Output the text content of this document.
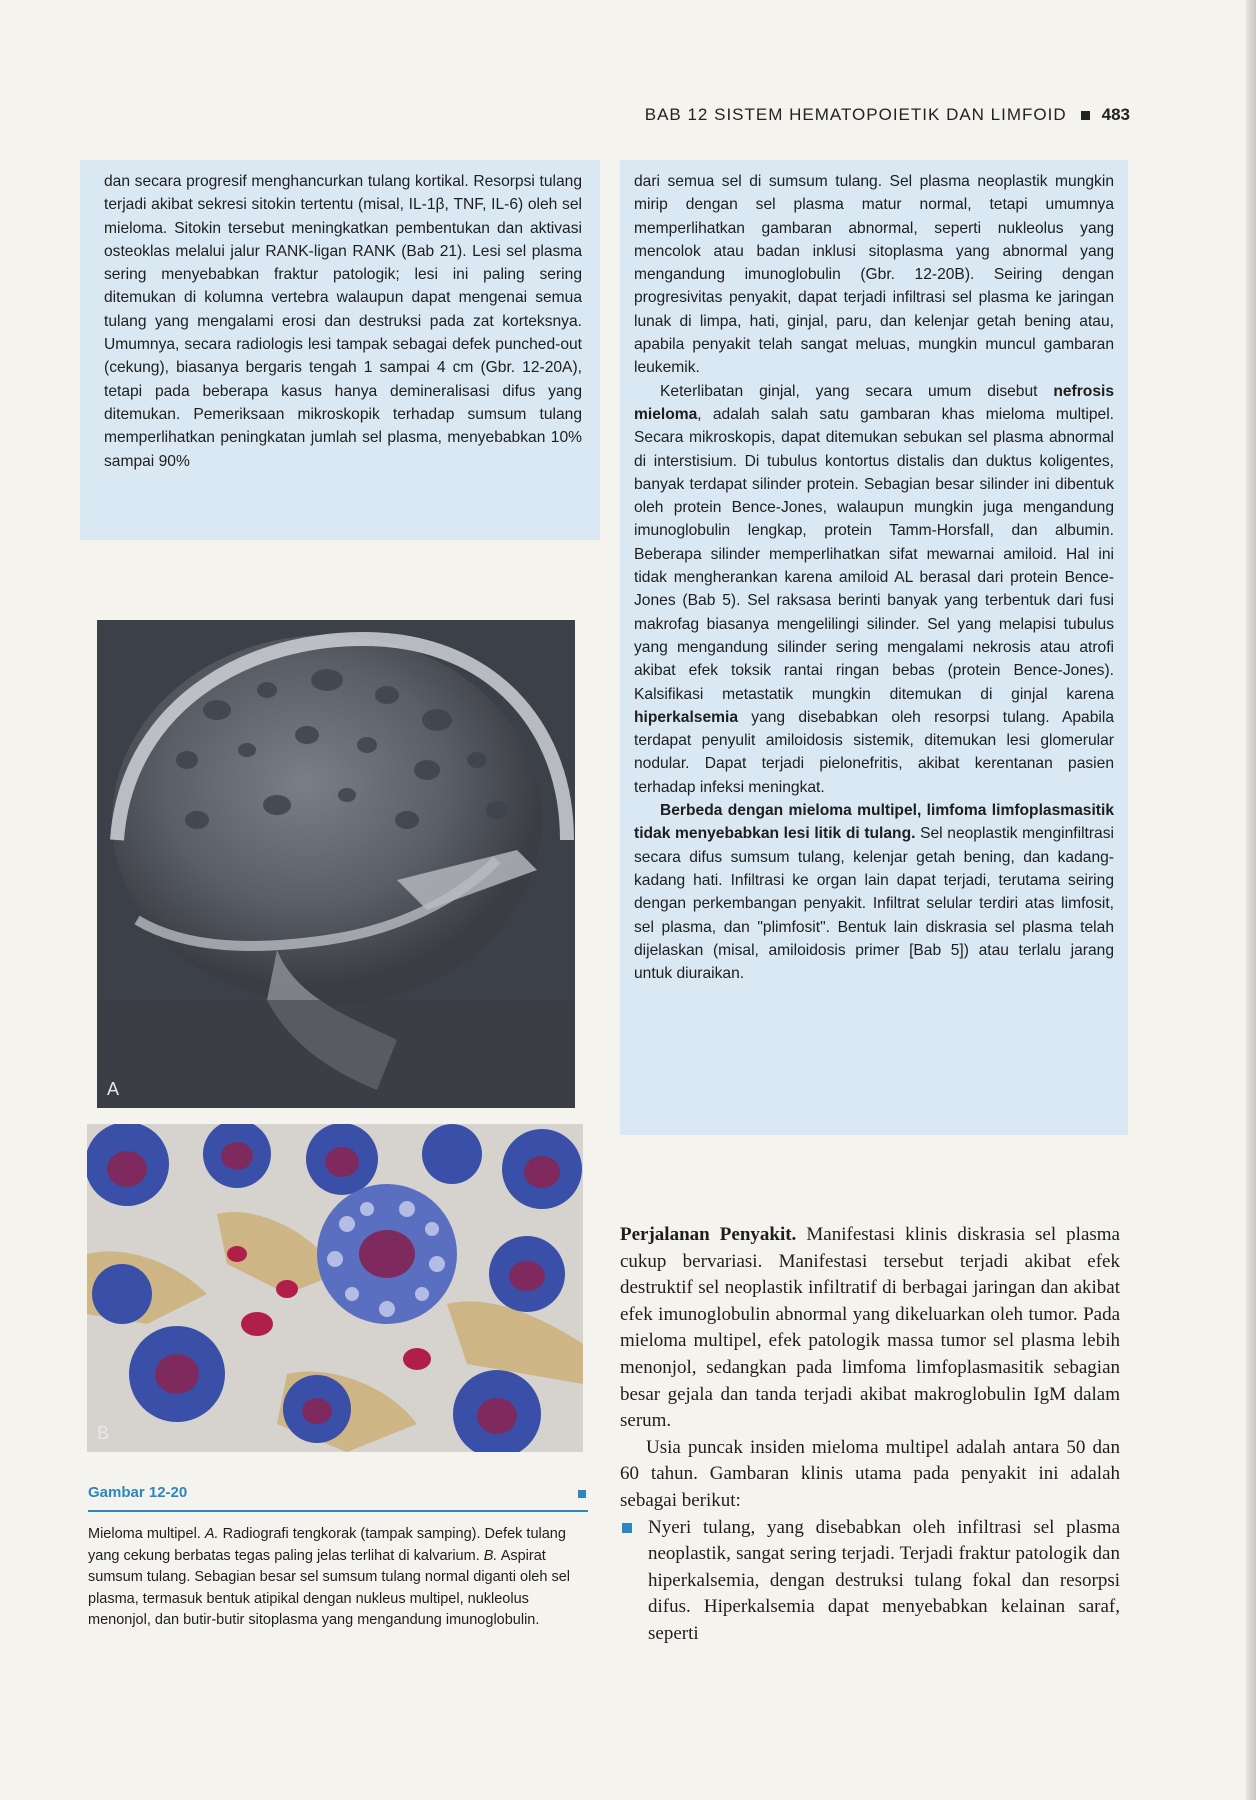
BAB 12 SISTEM HEMATOPOIETIK DAN LIMFOID 483

dan secara progresif menghancurkan tulang kortikal. Resorpsi tulang terjadi akibat sekresi sitokin tertentu (misal, IL-1β, TNF, IL-6) oleh sel mieloma. Sitokin tersebut meningkatkan pembentukan dan aktivasi osteoklas melalui jalur RANK-ligan RANK (Bab 21). Lesi sel plasma sering menyebabkan fraktur patologik; lesi ini paling sering ditemukan di kolumna vertebra walaupun dapat mengenai semua tulang yang mengalami erosi dan destruksi pada zat korteksnya. Umumnya, secara radiologis lesi tampak sebagai defek punched-out (cekung), biasanya bergaris tengah 1 sampai 4 cm (Gbr. 12-20A), tetapi pada beberapa kasus hanya demineralisasi difus yang ditemukan. Pemeriksaan mikroskopik terhadap sumsum tulang memperlihatkan peningkatan jumlah sel plasma, menyebabkan 10% sampai 90%

dari semua sel di sumsum tulang. Sel plasma neoplastik mungkin mirip dengan sel plasma matur normal, tetapi umumnya memperlihatkan gambaran abnormal, seperti nukleolus yang mencolok atau badan inklusi sitoplasma yang abnormal yang mengandung imunoglobulin (Gbr. 12-20B). Seiring dengan progresivitas penyakit, dapat terjadi infiltrasi sel plasma ke jaringan lunak di limpa, hati, ginjal, paru, dan kelenjar getah bening atau, apabila penyakit telah sangat meluas, mungkin muncul gambaran leukemik.

Keterlibatan ginjal, yang secara umum disebut nefrosis mieloma, adalah salah satu gambaran khas mieloma multipel. Secara mikroskopis, dapat ditemukan sebukan sel plasma abnormal di interstisium. Di tubulus kontortus distalis dan duktus koligentes, banyak terdapat silinder protein. Sebagian besar silinder ini dibentuk oleh protein Bence-Jones, walaupun mungkin juga mengandung imunoglobulin lengkap, protein Tamm-Horsfall, dan albumin. Beberapa silinder memperlihatkan sifat mewarnai amiloid. Hal ini tidak mengherankan karena amiloid AL berasal dari protein Bence-Jones (Bab 5). Sel raksasa berinti banyak yang terbentuk dari fusi makrofag biasanya mengelilingi silinder. Sel yang melapisi tubulus yang mengandung silinder sering mengalami nekrosis atau atrofi akibat efek toksik rantai ringan bebas (protein Bence-Jones). Kalsifikasi metastatik mungkin ditemukan di ginjal karena hiperkalsemia yang disebabkan oleh resorpsi tulang. Apabila terdapat penyulit amiloidosis sistemik, ditemukan lesi glomerular nodular. Dapat terjadi pielonefritis, akibat kerentanan pasien terhadap infeksi meningkat.

Berbeda dengan mieloma multipel, limfoma limfoplasmasitik tidak menyebabkan lesi litik di tulang. Sel neoplastik menginfiltrasi secara difus sumsum tulang, kelenjar getah bening, dan kadang-kadang hati. Infiltrasi ke organ lain dapat terjadi, terutama seiring dengan perkembangan penyakit. Infiltrat selular terdiri atas limfosit, sel plasma, dan "plimfosit". Bentuk lain diskrasia sel plasma telah dijelaskan (misal, amiloidosis primer [Bab 5]) atau terlalu jarang untuk diuraikan.

A
B
Gambar 12-20

Mieloma multipel. A. Radiografi tengkorak (tampak samping). Defek tulang yang cekung berbatas tegas paling jelas terlihat di kalvarium. B. Aspirat sumsum tulang. Sebagian besar sel sumsum tulang normal diganti oleh sel plasma, termasuk bentuk atipikal dengan nukleus multipel, nukleolus menonjol, dan butir-butir sitoplasma yang mengandung imunoglobulin.

Perjalanan Penyakit. Manifestasi klinis diskrasia sel plasma cukup bervariasi. Manifestasi tersebut terjadi akibat efek destruktif sel neoplastik infiltratif di berbagai jaringan dan akibat efek imunoglobulin abnormal yang dikeluarkan oleh tumor. Pada mieloma multipel, efek patologik massa tumor sel plasma lebih menonjol, sedangkan pada limfoma limfoplasmasitik sebagian besar gejala dan tanda terjadi akibat makroglobulin IgM dalam serum.

Usia puncak insiden mieloma multipel adalah antara 50 dan 60 tahun. Gambaran klinis utama pada penyakit ini adalah sebagai berikut:

Nyeri tulang, yang disebabkan oleh infiltrasi sel plasma neoplastik, sangat sering terjadi. Terjadi fraktur patologik dan hiperkalsemia, dengan destruksi tulang fokal dan resorpsi difus. Hiperkalsemia dapat menyebabkan kelainan saraf, seperti
